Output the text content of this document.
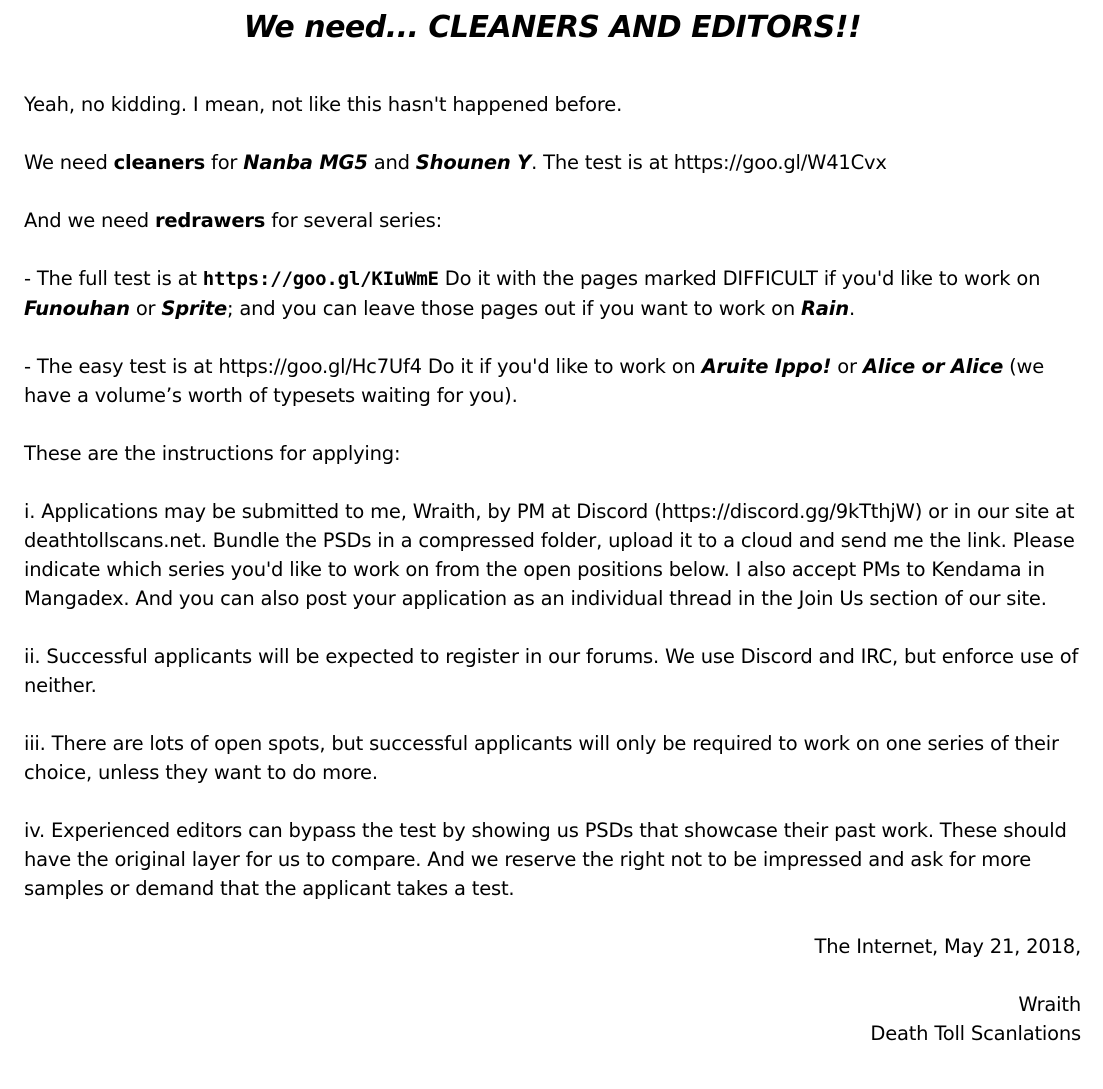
We need... CLEANERS AND EDITORS!!

Yeah, no kidding. I mean, not like this hasn't happened before.

We need cleaners for Nanba MG5 and Shounen Y. The test is at https://goo.gl/W41Cvx

And we need redrawers for several series:

- The full test is at https://goo.gl/KIuWmE Do it with the pages marked DIFFICULT if you'd like to work on Funouhan or Sprite; and you can leave those pages out if you want to work on Rain.

- The easy test is at https://goo.gl/Hc7Uf4 Do it if you'd like to work on Aruite Ippo! or Alice or Alice (we have a volume’s worth of typesets waiting for you).

These are the instructions for applying:

i. Applications may be submitted to me, Wraith, by PM at Discord (https://discord.gg/9kTthjW) or in our site at deathtollscans.net. Bundle the PSDs in a compressed folder, upload it to a cloud and send me the link. Please indicate which series you'd like to work on from the open positions below. I also accept PMs to Kendama in Mangadex. And you can also post your application as an individual thread in the Join Us section of our site.

ii. Successful applicants will be expected to register in our forums. We use Discord and IRC, but enforce use of neither.

iii. There are lots of open spots, but successful applicants will only be required to work on one series of their choice, unless they want to do more.

iv. Experienced editors can bypass the test by showing us PSDs that showcase their past work. These should have the original layer for us to compare. And we reserve the right not to be impressed and ask for more samples or demand that the applicant takes a test.

The Internet, May 21, 2018,

Wraith

Death Toll Scanlations
